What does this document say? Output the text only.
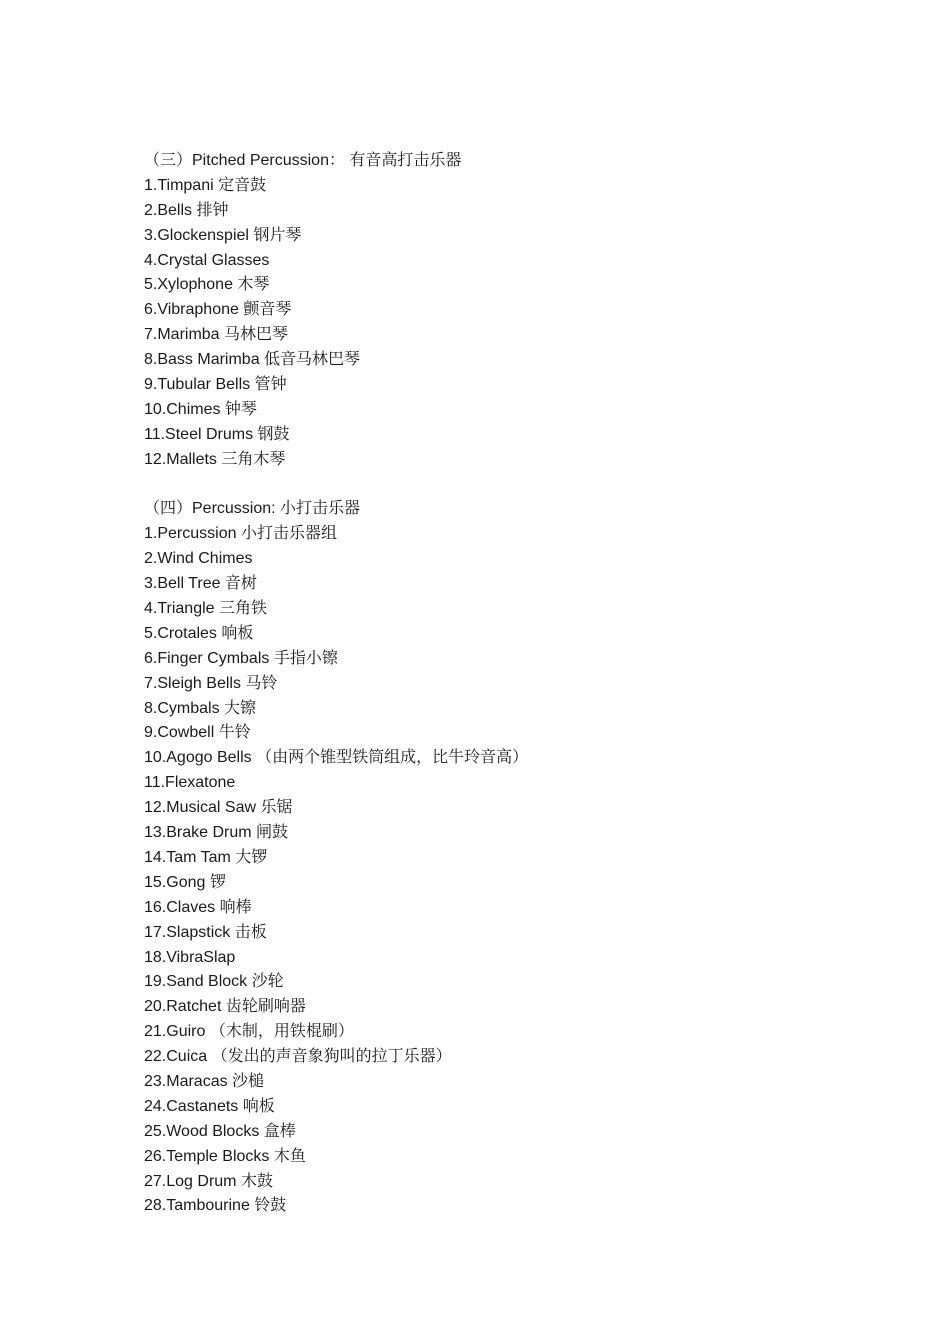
（三）Pitched Percussion： 有音高打击乐器
1.Timpani 定音鼓
2.Bells 排钟
3.Glockenspiel 钢片琴
4.Crystal Glasses
5.Xylophone 木琴
6.Vibraphone 颤音琴
7.Marimba 马林巴琴
8.Bass Marimba 低音马林巴琴
9.Tubular Bells 管钟
10.Chimes 钟琴
11.Steel Drums 钢鼓
12.Mallets 三角木琴
（四）Percussion: 小打击乐器
1.Percussion 小打击乐器组
2.Wind Chimes
3.Bell Tree 音树
4.Triangle 三角铁
5.Crotales 响板
6.Finger Cymbals 手指小镲
7.Sleigh Bells 马铃
8.Cymbals 大镲
9.Cowbell 牛铃
10.Agogo Bells （由两个锥型铁筒组成，比牛玲音高）
11.Flexatone
12.Musical Saw 乐锯
13.Brake Drum 闸鼓
14.Tam Tam 大锣
15.Gong 锣
16.Claves 响棒
17.Slapstick 击板
18.VibraSlap
19.Sand Block 沙轮
20.Ratchet 齿轮刷响器
21.Guiro （木制，用铁棍刷）
22.Cuica （发出的声音象狗叫的拉丁乐器）
23.Maracas 沙槌
24.Castanets 响板
25.Wood Blocks 盒棒
26.Temple Blocks 木鱼
27.Log Drum 木鼓
28.Tambourine 铃鼓
